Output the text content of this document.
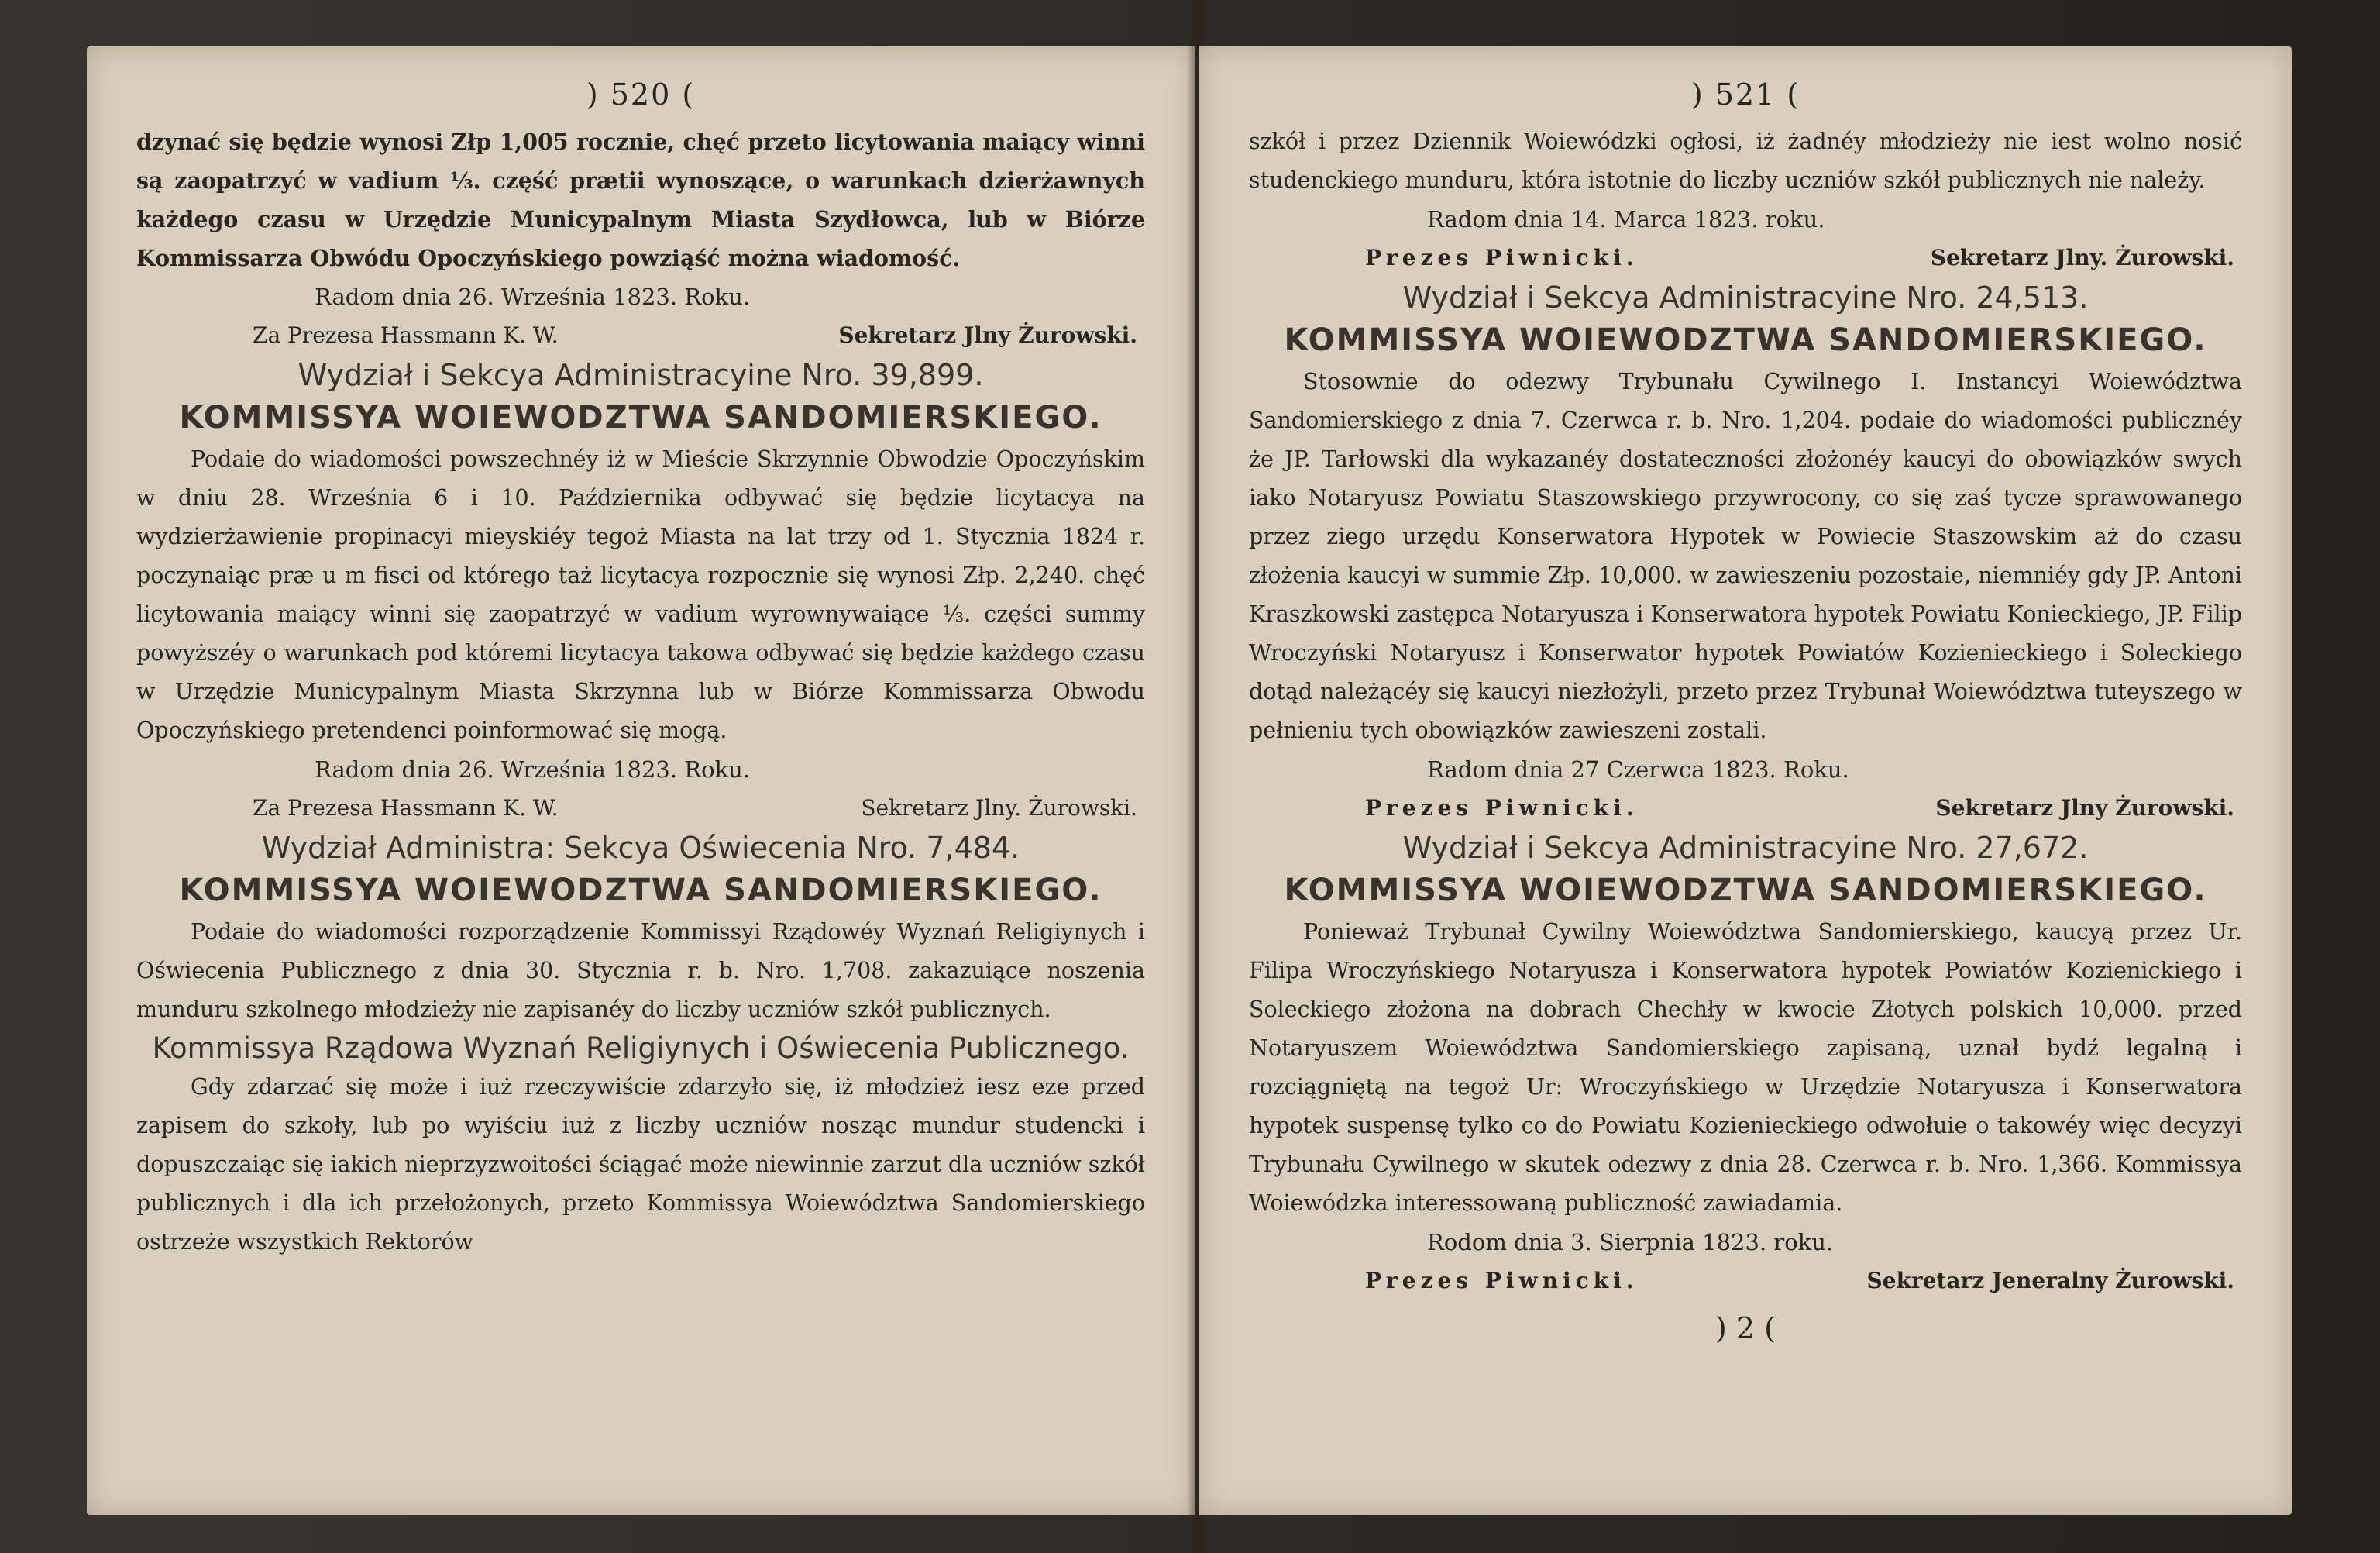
) 520 (

dzynać się będzie wynosi Złp 1,005 rocznie, chęć przeto licytowania maiący winni są zaopatrzyć w vadium ⅓. część prætii wynoszące, o warunkach dzierżawnych każdego czasu w Urzędzie Municypalnym Miasta Szydłowca, lub w Biórze Kommissarza Obwódu Opoczyńskiego powziąść można wiadomość.

Radom dnia 26. Września 1823. Roku.
Za Prezesa Hassmann K. W.	Sekretarz Jlny Żurowski.
Wydział i Sekcya Administracyine Nro. 39,899.
KOMMISSYA WOIEWODZTWA SANDOMIERSKIEGO.

Podaie do wiadomości powszechnéy iż w Mieście Skrzynnie Obwodzie Opoczyńskim w dniu 28. Września 6 i 10. Października odbywać się będzie licytacya na wydzierżawienie propinacyi mieyskiéy tegoż Miasta na lat trzy od 1. Stycznia 1824 r. poczynaiąc præ u m fisci od którego taż licytacya rozpocznie się wynosi Złp. 2,240. chęć licytowania maiący winni się zaopatrzyć w vadium wyrownywaiące ⅓. części summy powyższéy o warunkach pod któremi licytacya takowa odbywać się będzie każdego czasu w Urzędzie Municypalnym Miasta Skrzynna lub w Biórze Kommissarza Obwodu Opoczyńskiego pretendenci poinformować się mogą.

Radom dnia 26. Września 1823. Roku.
Za Prezesa Hassmann K. W.	Sekretarz Jlny. Żurowski.
Wydział Administra: Sekcya Oświecenia Nro. 7,484.
KOMMISSYA WOIEWODZTWA SANDOMIERSKIEGO.

Podaie do wiadomości rozporządzenie Kommissyi Rządowéy Wyznań Religiynych i Oświecenia Publicznego z dnia 30. Stycznia r. b. Nro. 1,708. zakazuiące noszenia munduru szkolnego młodzieży nie zapisanéy do liczby uczniów szkół publicznych.

Kommissya Rządowa Wyznań Religiynych i Oświecenia Publicznego.

Gdy zdarzać się może i iuż rzeczywiście zdarzyło się, iż młodzież iesz eze przed zapisem do szkoły, lub po wyiściu iuż z liczby uczniów nosząc mundur studencki i dopuszczaiąc się iakich nieprzyzwoitości ściągać może niewinnie zarzut dla uczniów szkół publicznych i dla ich przełożonych, przeto Kommissya Woiewództwa Sandomierskiego ostrzeże wszystkich Rektorów

) 521 (

szkół i przez Dziennik Woiewódzki ogłosi, iż żadnéy młodzieży nie iest wolno nosić studenckiego munduru, która istotnie do liczby uczniów szkół publicznych nie należy.

Radom dnia 14. Marca 1823. roku.
Prezes Piwnicki.	Sekretarz Jlny. Żurowski.
Wydział i Sekcya Administracyine Nro. 24,513.
KOMMISSYA WOIEWODZTWA SANDOMIERSKIEGO.

Stosownie do odezwy Trybunału Cywilnego I. Instancyi Woiewództwa Sandomierskiego z dnia 7. Czerwca r. b. Nro. 1,204. podaie do wiadomości publicznéy że JP. Tarłowski dla wykazanéy dostateczności złożonéy kaucyi do obowiązków swych iako Notaryusz Powiatu Staszowskiego przywrocony, co się zaś tycze sprawowanego przez ziego urzędu Konserwatora Hypotek w Powiecie Staszowskim aż do czasu złożenia kaucyi w summie Złp. 10,000. w zawieszeniu pozostaie, niemniéy gdy JP. Antoni Kraszkowski zastępca Notaryusza i Konserwatora hypotek Powiatu Konieckiego, JP. Filip Wroczyński Notaryusz i Konserwator hypotek Powiatów Kozienieckiego i Soleckiego dotąd należącéy się kaucyi niezłożyli, przeto przez Trybunał Woiewództwa tuteyszego w pełnieniu tych obowiązków zawieszeni zostali.

Radom dnia 27 Czerwca 1823. Roku.
Prezes Piwnicki.	Sekretarz Jlny Żurowski.
Wydział i Sekcya Administracyine Nro. 27,672.
KOMMISSYA WOIEWODZTWA SANDOMIERSKIEGO.

Ponieważ Trybunał Cywilny Woiewództwa Sandomierskiego, kaucyą przez Ur. Filipa Wroczyńskiego Notaryusza i Konserwatora hypotek Powiatów Kozienickiego i Soleckiego złożona na dobrach Chechły w kwocie Złotych polskich 10,000. przed Notaryuszem Woiewództwa Sandomierskiego zapisaną, uznał bydź legalną i rozciągniętą na tegoż Ur: Wroczyńskiego w Urzędzie Notaryusza i Konserwatora hypotek suspensę tylko co do Powiatu Kozienieckiego odwołuie o takowéy więc decyzyi Trybunału Cywilnego w skutek odezwy z dnia 28. Czerwca r. b. Nro. 1,366. Kommissya Woiewódzka interessowaną publiczność zawiadamia.

Rodom dnia 3. Sierpnia 1823. roku.
Prezes Piwnicki.	Sekretarz Jeneralny Żurowski.
) 2 (
